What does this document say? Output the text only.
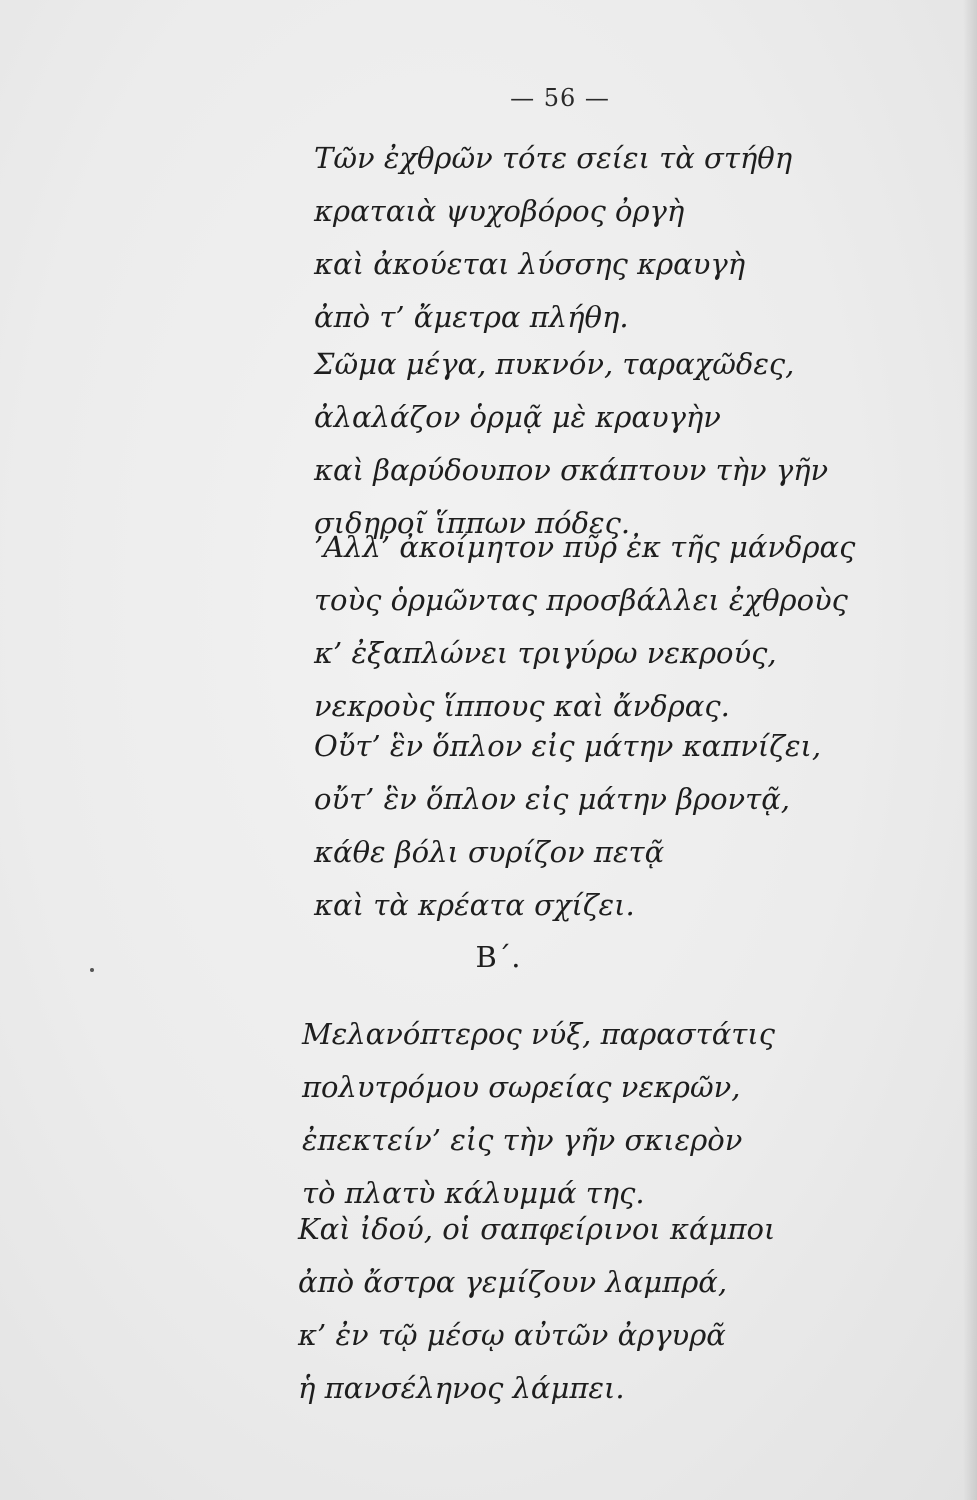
— 56 —
Τῶν ἐχθρῶν τότε σείει τὰ στήθη
κραταιὰ ψυχοβόρος ὀργὴ
καὶ ἀκούεται λύσσης κραυγὴ
ἀπὸ τ’ ἄμετρα πλήθη.
Σῶμα μέγα, πυκνόν, ταραχῶδες,
ἀλαλάζον ὁρμᾷ μὲ κραυγὴν
καὶ βαρύδουπον σκάπτουν τὴν γῆν
σιδηροῖ ἵππων πόδες.
’Αλλ’ ἀκοίμητον πῦρ ἐκ τῆς μάνδρας
τοὺς ὁρμῶντας προσβάλλει ἐχθροὺς
κ’ ἐξαπλώνει τριγύρω νεκρούς,
νεκροὺς ἵππους καὶ ἄνδρας.
Οὔτ’ ἓν ὅπλον εἰς μάτην καπνίζει,
οὔτ’ ἓν ὅπλον εἰς μάτην βροντᾷ,
κάθε βόλι συρίζον πετᾷ
καὶ τὰ κρέατα σχίζει.
Β΄.
Μελανόπτερος νύξ, παραστάτις
πολυτρόμου σωρείας νεκρῶν,
ἐπεκτείν’ εἰς τὴν γῆν σκιερὸν
τὸ πλατὺ κάλυμμά της.
Καὶ ἰδού, οἱ σαπφείρινοι κάμποι
ἀπὸ ἄστρα γεμίζουν λαμπρά,
κ’ ἐν τῷ μέσῳ αὐτῶν ἀργυρᾶ
ἡ πανσέληνος λάμπει.
